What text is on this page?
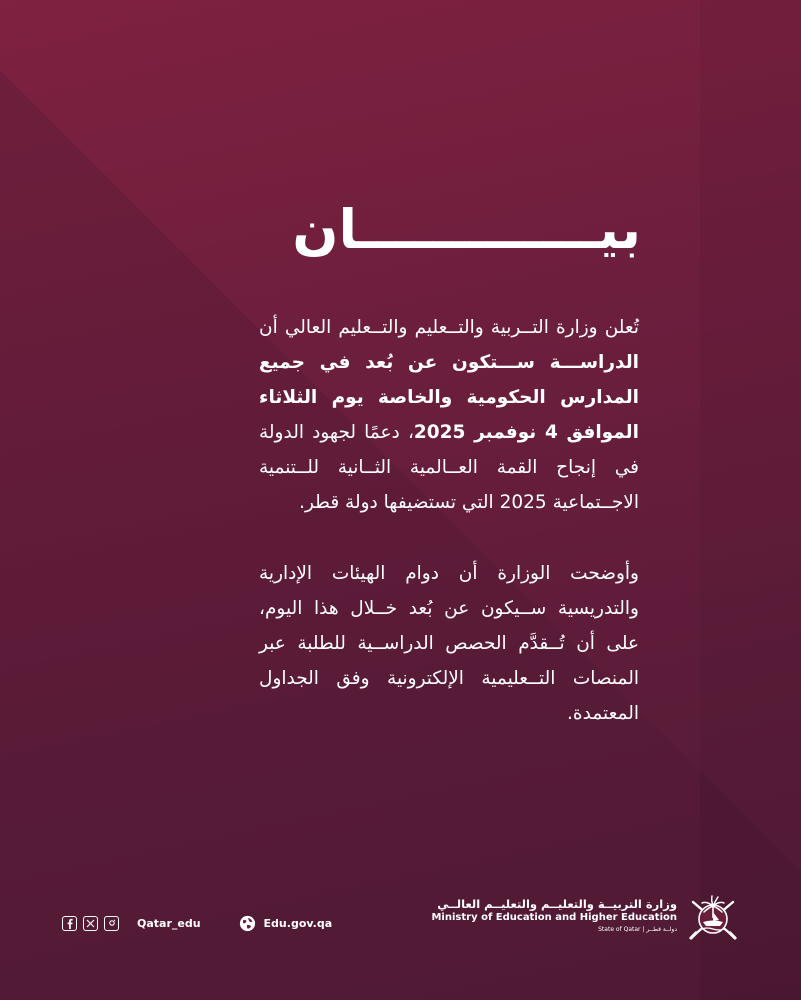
بيـــــــــــــان

تُعلن وزارة التــربية والتــعليم والتــعليم العالي أن الدراســـة ســـتكون عن بُعد في جميع المدارس الحكومية والخاصة يوم الثلاثاء الموافق 4 نوفمبر 2025، دعمًا لجهود الدولة في إنجاح القمة العــالمية الثــانية للــتنمية الاجــتماعية 2025 التي تستضيفها دولة قطر.

وأوضحت الوزارة أن دوام الهيئات الإدارية والتدريسية ســيكون عن بُعد خــلال هذا اليوم، على أن تُــقدَّم الحصص الدراســية للطلبة عبر المنصات التــعليمية الإلكترونية وفق الجداول المعتمدة.

Qatar_edu	Edu.gov.qa
وزارة التربيــة والتعليــم والتعليــم العالــي
Ministry of Education and Higher Education
State of Qatar | دولــة قطــر
